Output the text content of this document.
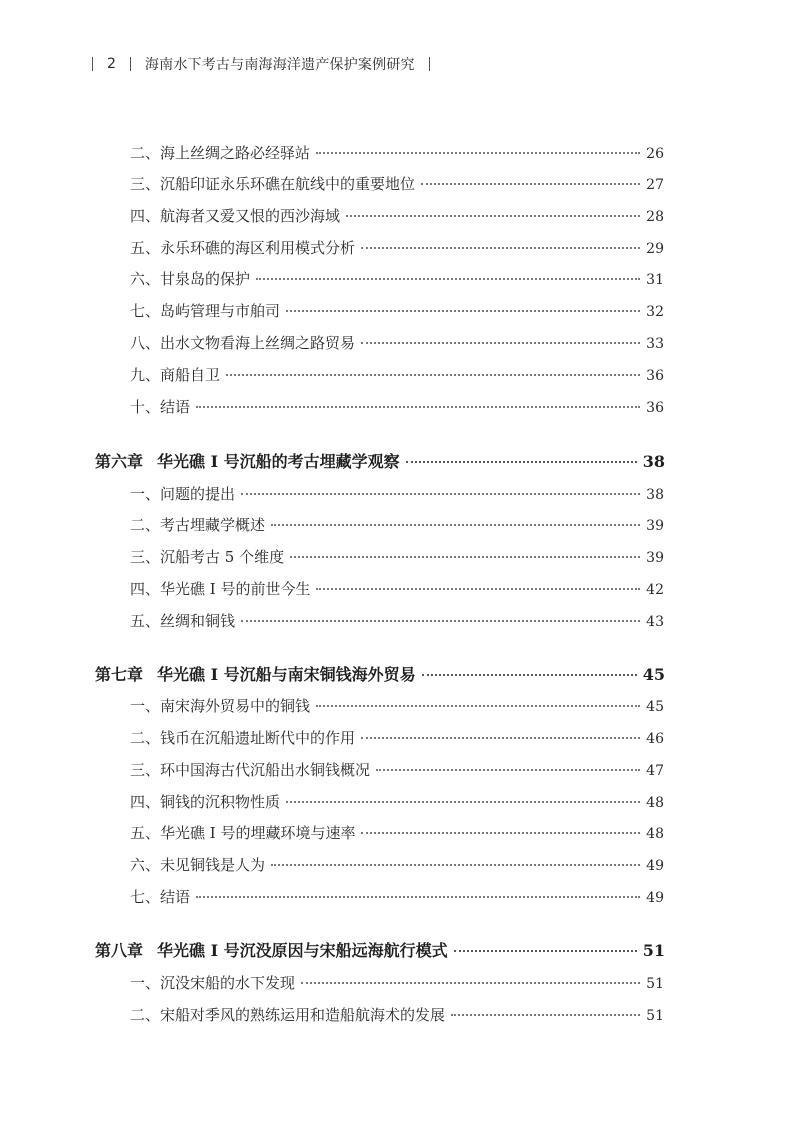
2 海南水下考古与南海海洋遗产保护案例研究
二、海上丝绸之路必经驿站	26
三、沉船印证永乐环礁在航线中的重要地位	27
四、航海者又爱又恨的西沙海域	28
五、永乐环礁的海区利用模式分析	29
六、甘泉岛的保护	31
七、岛屿管理与市舶司	32
八、出水文物看海上丝绸之路贸易	33
九、商船自卫	36
十、结语	36
第六章 华光礁 I 号沉船的考古埋藏学观察	38
一、问题的提出	38
二、考古埋藏学概述	39
三、沉船考古 5 个维度	39
四、华光礁 I 号的前世今生	42
五、丝绸和铜钱	43
第七章 华光礁 I 号沉船与南宋铜钱海外贸易	45
一、南宋海外贸易中的铜钱	45
二、钱币在沉船遗址断代中的作用	46
三、环中国海古代沉船出水铜钱概况	47
四、铜钱的沉积物性质	48
五、华光礁 I 号的埋藏环境与速率	48
六、未见铜钱是人为	49
七、结语	49
第八章 华光礁 I 号沉没原因与宋船远海航行模式	51
一、沉没宋船的水下发现	51
二、宋船对季风的熟练运用和造船航海术的发展	51
